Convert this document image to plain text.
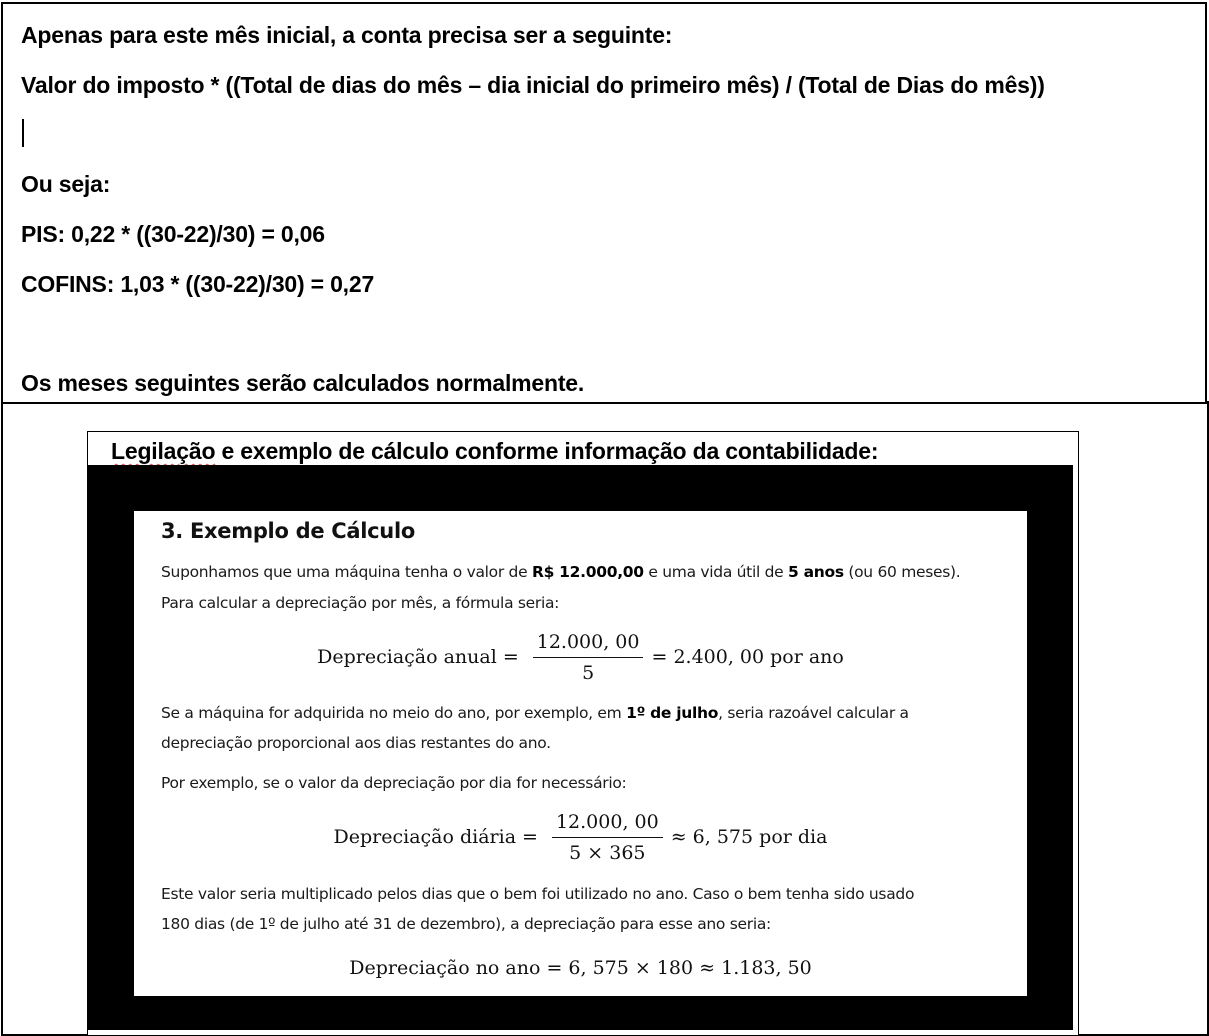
Apenas para este mês inicial, a conta precisa ser a seguinte:

Valor do imposto * ((Total de dias do mês – dia inicial do primeiro mês) / (Total de Dias do mês))

Ou seja:

PIS: 0,22 * ((30-22)/30) = 0,06

COFINS: 1,03 * ((30-22)/30) = 0,27

Os meses seguintes serão calculados normalmente.

Legilação e exemplo de cálculo conforme informação da contabilidade:

3. Exemplo de Cálculo

Suponhamos que uma máquina tenha o valor de R$ 12.000,00 e uma vida útil de 5 anos (ou 60 meses).

Para calcular a depreciação por mês, a fórmula seria:

Depreciação anual = $\frac{12.000, 00}{5} = 2.400$, 00 por ano

Se a máquina for adquirida no meio do ano, por exemplo, em 1º de julho, seria razoável calcular a

depreciação proporcional aos dias restantes do ano.

Por exemplo, se o valor da depreciação por dia for necessário:

Depreciação diária = $\frac{12.000, 00}{5 \times 365} \approx 6$, 575 por dia

Este valor seria multiplicado pelos dias que o bem foi utilizado no ano. Caso o bem tenha sido usado

180 dias (de 1º de julho até 31 de dezembro), a depreciação para esse ano seria:

Depreciação no ano = 6, 575 × 180 ≈ 1.183, 50
